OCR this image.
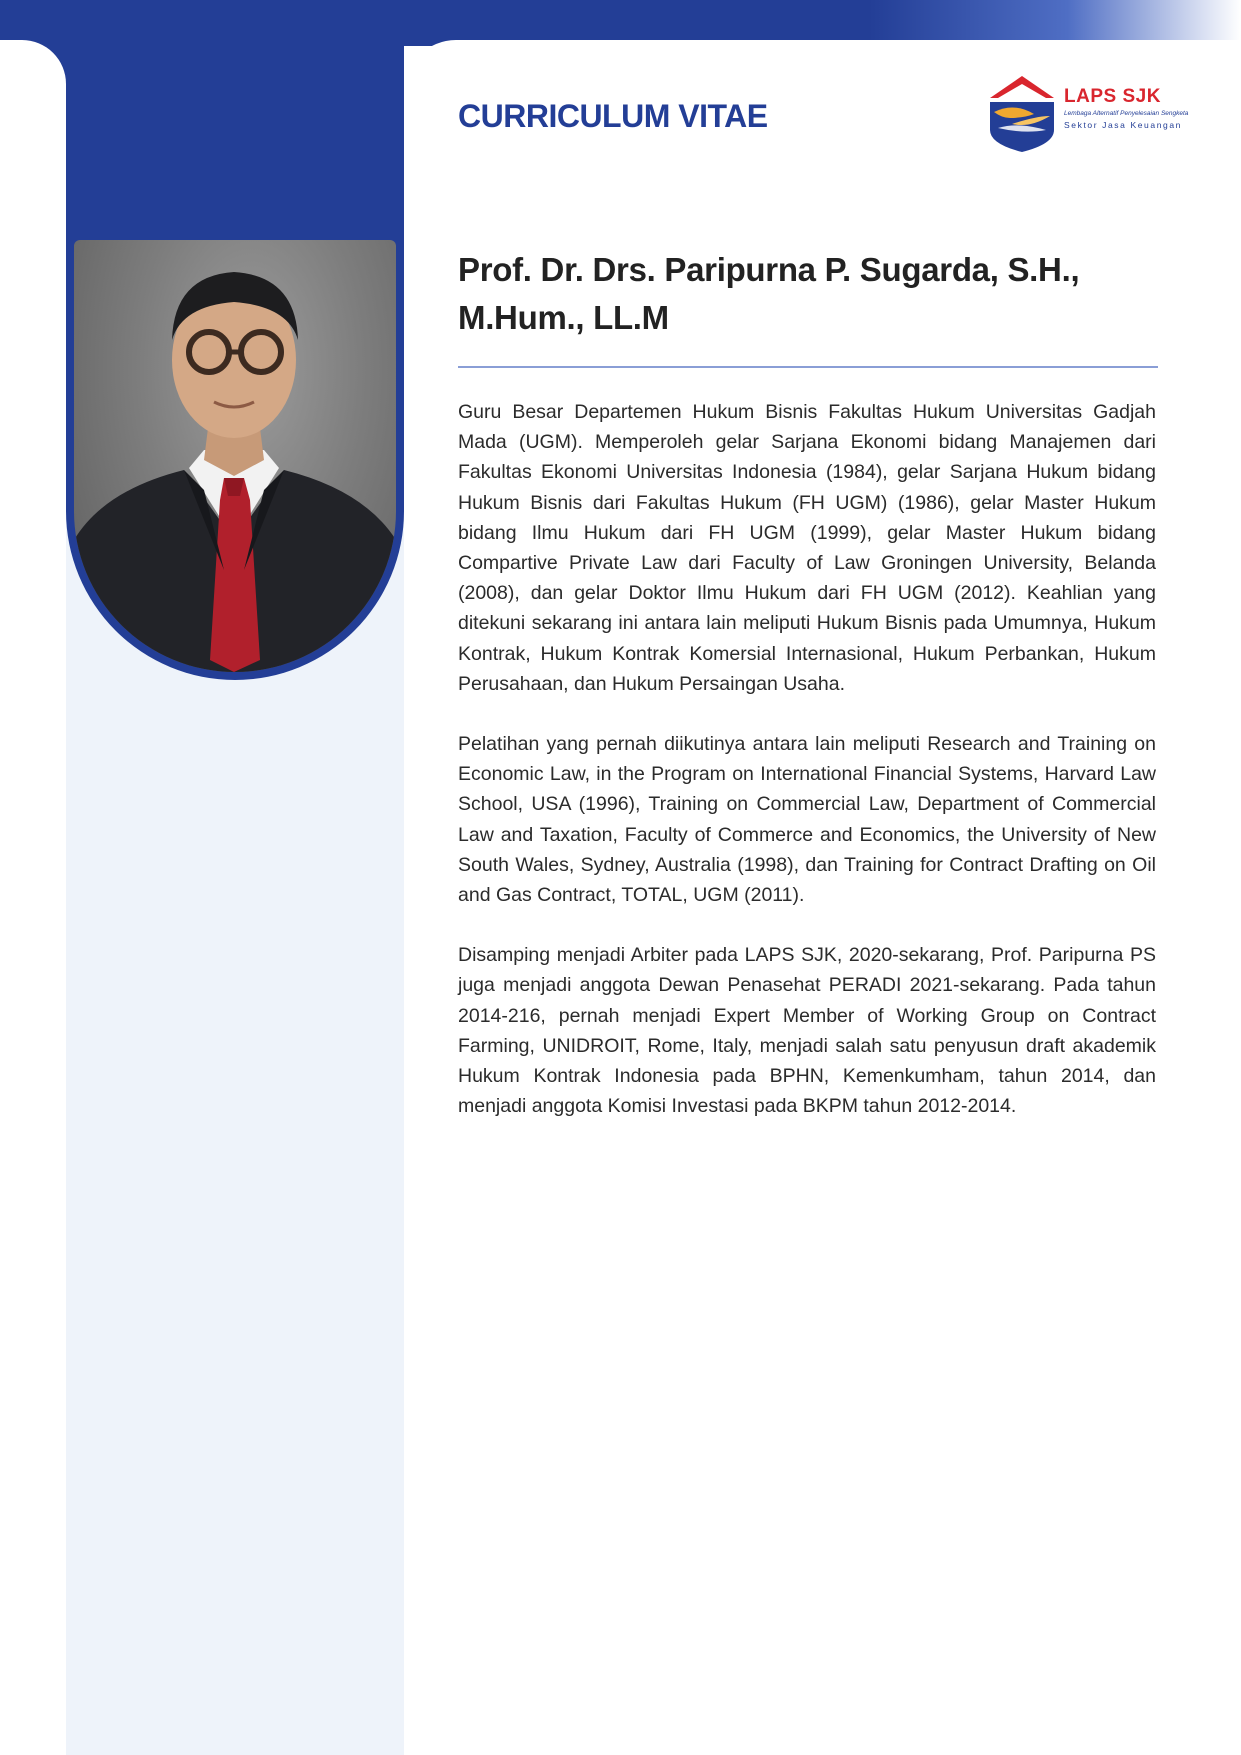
CURRICULUM VITAE
LAPS SJK
Lembaga Alternatif Penyelesaian Sengketa
Sektor Jasa Keuangan
Prof. Dr. Drs. Paripurna P. Sugarda, S.H., M.Hum., LL.M

Guru Besar Departemen Hukum Bisnis Fakultas Hukum Universitas Gadjah Mada (UGM). Memperoleh gelar Sarjana Ekonomi bidang Manajemen dari Fakultas Ekonomi Universitas Indonesia (1984), gelar Sarjana Hukum bidang Hukum Bisnis dari Fakultas Hukum (FH UGM) (1986), gelar Master Hukum bidang Ilmu Hukum dari FH UGM (1999), gelar Master Hukum bidang Compartive Private Law dari Faculty of Law Groningen University, Belanda (2008), dan gelar Doktor Ilmu Hukum dari FH UGM (2012). Keahlian yang ditekuni sekarang ini antara lain meliputi Hukum Bisnis pada Umumnya, Hukum Kontrak, Hukum Kontrak Komersial Internasional, Hukum Perbankan, Hukum Perusahaan, dan Hukum Persaingan Usaha.

Pelatihan yang pernah diikutinya antara lain meliputi Research and Training on Economic Law, in the Program on International Financial Systems, Harvard Law School, USA (1996), Training on Commercial Law, Department of Commercial Law and Taxation, Faculty of Commerce and Economics, the University of New South Wales, Sydney, Australia (1998), dan Training for Contract Drafting on Oil and Gas Contract, TOTAL, UGM (2011).

Disamping menjadi Arbiter pada LAPS SJK, 2020-sekarang, Prof. Paripurna PS juga menjadi anggota Dewan Penasehat PERADI 2021-sekarang. Pada tahun 2014-216, pernah menjadi Expert Member of Working Group on Contract Farming, UNIDROIT, Rome, Italy, menjadi salah satu penyusun draft akademik Hukum Kontrak Indonesia pada BPHN, Kemenkumham, tahun 2014, dan menjadi anggota Komisi Investasi pada BKPM tahun 2012-2014.
